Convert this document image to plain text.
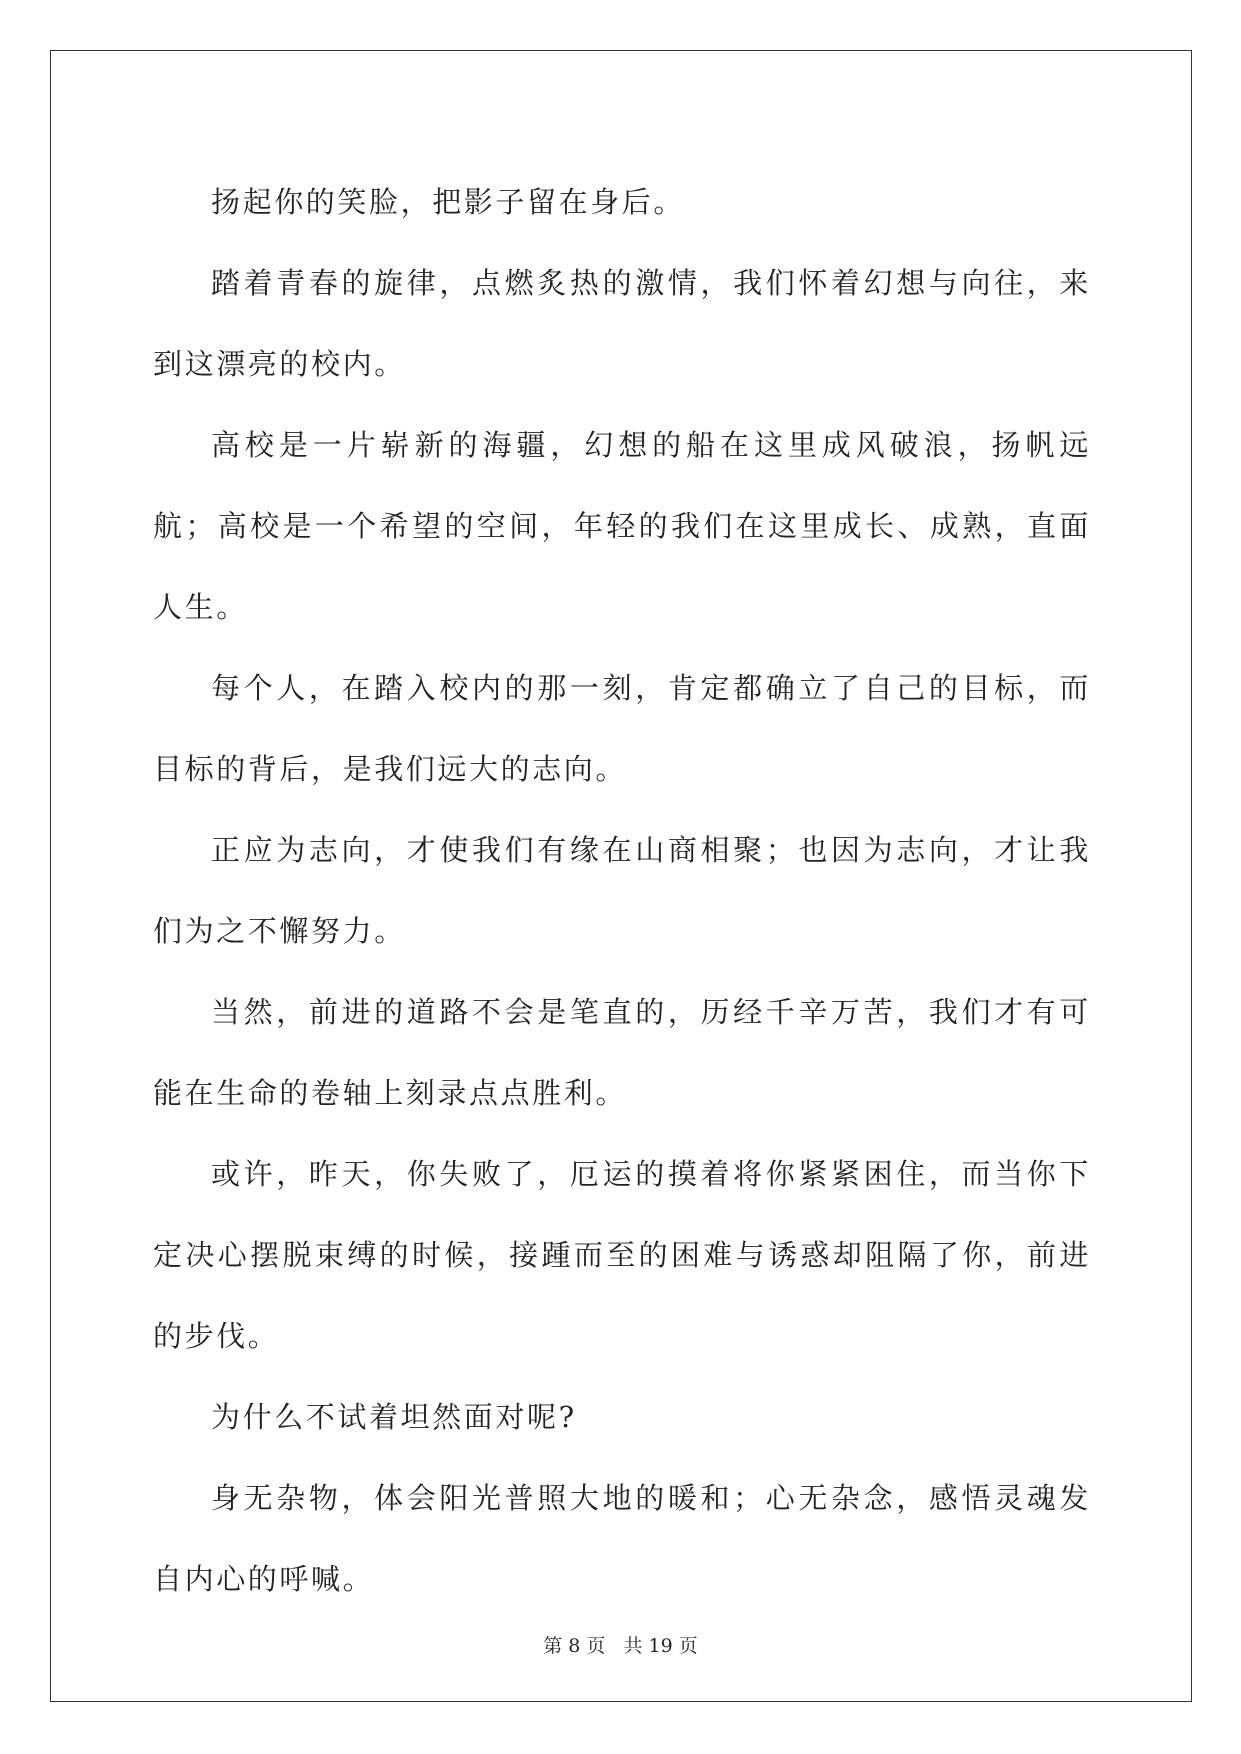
扬起你的笑脸，把影子留在身后。

踏着青春的旋律，点燃炙热的激情，我们怀着幻想与向往，来到这漂亮的校内。

高校是一片崭新的海疆，幻想的船在这里成风破浪，扬帆远航；高校是一个希望的空间，年轻的我们在这里成长、成熟，直面人生。

每个人，在踏入校内的那一刻，肯定都确立了自己的目标，而目标的背后，是我们远大的志向。

正应为志向，才使我们有缘在山商相聚；也因为志向，才让我们为之不懈努力。

当然，前进的道路不会是笔直的，历经千辛万苦，我们才有可能在生命的卷轴上刻录点点胜利。

或许，昨天，你失败了，厄运的摸着将你紧紧困住，而当你下定决心摆脱束缚的时候，接踵而至的困难与诱惑却阻隔了你，前进的步伐。

为什么不试着坦然面对呢?

身无杂物，体会阳光普照大地的暖和；心无杂念，感悟灵魂发自内心的呼喊。

第 8 页   共 19 页
